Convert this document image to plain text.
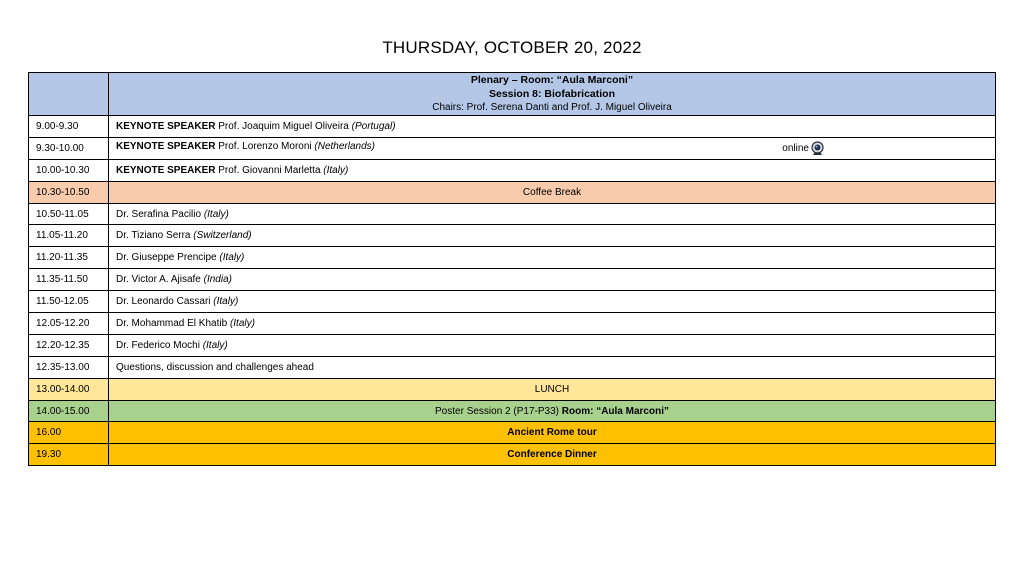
THURSDAY, OCTOBER 20, 2022

	Plenary – Room: “Aula Marconi”
Session 8: Biofabrication
Chairs: Prof. Serena Danti and Prof. J. Miguel Oliveira

9.00-9.30	KEYNOTE SPEAKER Prof. Joaquim Miguel Oliveira (Portugal)
9.30-10.00	KEYNOTE SPEAKER Prof. Lorenzo Moroni (Netherlands) online

10.00-10.30	KEYNOTE SPEAKER Prof. Giovanni Marletta (Italy)
10.30-10.50	Coffee Break
10.50-11.05	Dr. Serafina Pacilio (Italy)
11.05-11.20	Dr. Tiziano Serra (Switzerland)
11.20-11.35	Dr. Giuseppe Prencipe (Italy)
11.35-11.50	Dr. Victor A. Ajisafe (India)
11.50-12.05	Dr. Leonardo Cassari (Italy)
12.05-12.20	Dr. Mohammad El Khatib (Italy)
12.20-12.35	Dr. Federico Mochi (Italy)
12.35-13.00	Questions, discussion and challenges ahead
13.00-14.00	LUNCH
14.00-15.00	Poster Session 2 (P17-P33) Room: “Aula Marconi”
16.00	Ancient Rome tour
19.30	Conference Dinner
